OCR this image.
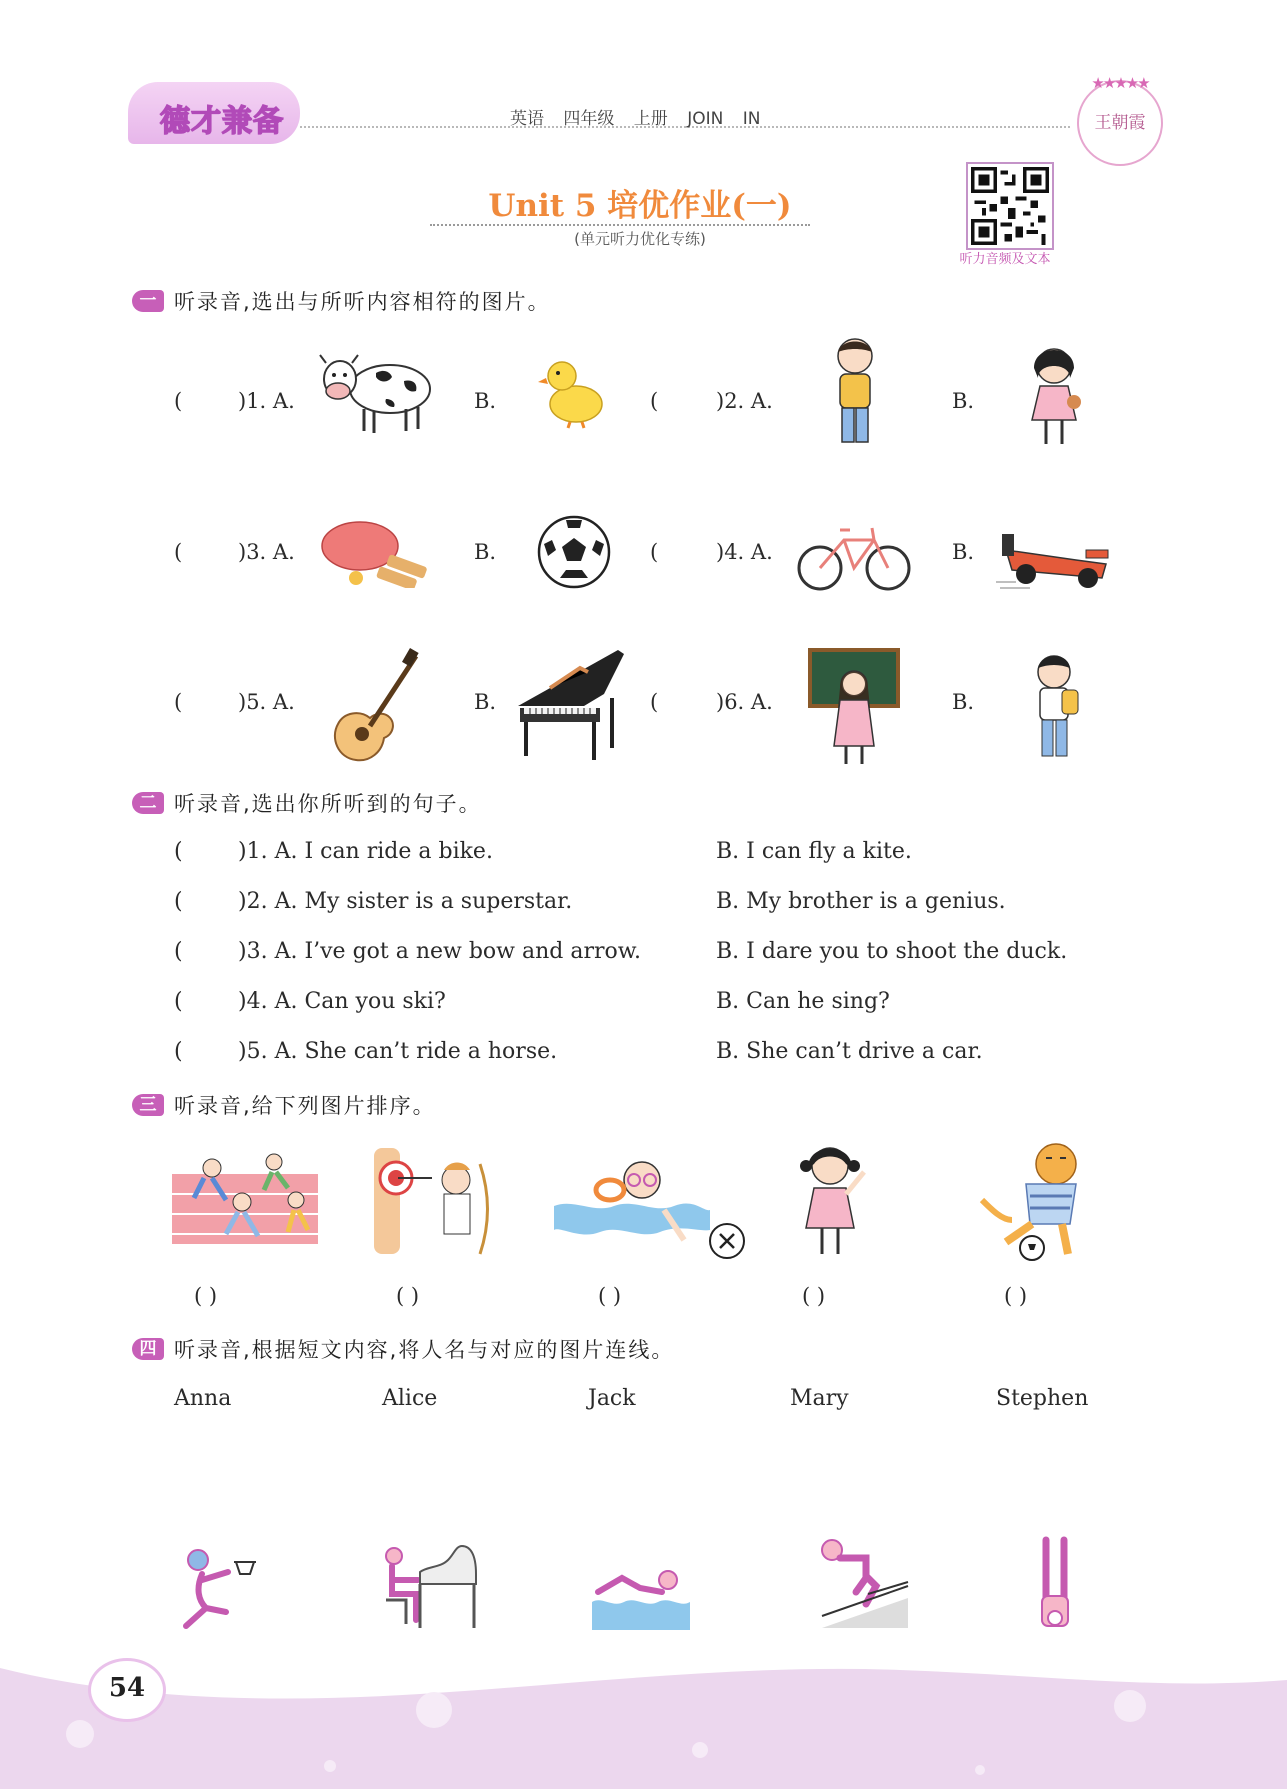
德才兼备	英语 四年级 上册 JOIN IN
★★★★★
王朝霞
Unit 5 培优作业(一)
(单元听力优化专练)
听力音频及文本
一 听录音,选出与所听内容相符的图片。
(	)1. A.	B.	(	)2. A.	B.
(	)3. A.	B.	(	)4. A.	B.
(	)5. A.	B.	(	)6. A.	B.
二 听录音,选出你所听到的句子。
(	)1. A. I can ride a bike.	B. I can fly a kite.
(	)2. A. My sister is a superstar.	B. My brother is a genius.
(	)3. A. I’ve got a new bow and arrow.	B. I dare you to shoot the duck.
(	)4. A. Can you ski?	B. Can he sing?
(	)5. A. She can’t ride a horse.	B. She can’t drive a car.
三 听录音,给下列图片排序。
( )	( )	( )	( )	( )
四 听录音,根据短文内容,将人名与对应的图片连线。
Anna	Alice	Jack	Mary	Stephen
54
